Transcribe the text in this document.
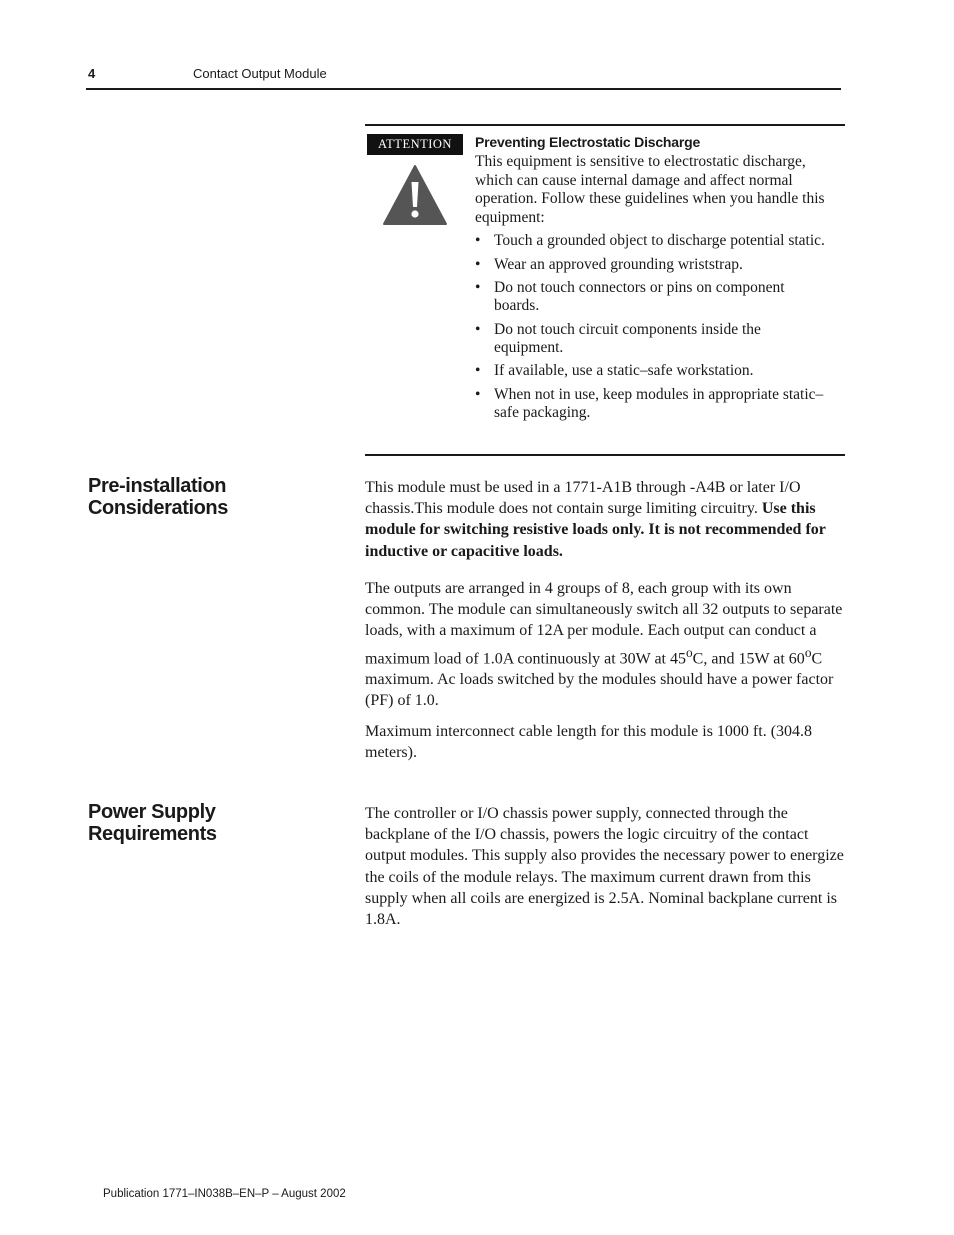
4	Contact Output Module
ATTENTION	Preventing Electrostatic Discharge

This equipment is sensitive to electrostatic discharge, which can cause internal damage and affect normal operation. Follow these guidelines when you handle this equipment:

• Touch a grounded object to discharge potential static.
• Wear an approved grounding wriststrap.
• Do not touch connectors or pins on component boards.
• Do not touch circuit components inside the equipment.
• If available, use a static–safe workstation.
• When not in use, keep modules in appropriate static–safe packaging.
Pre-installation
Considerations

This module must be used in a 1771-A1B through -A4B or later I/O chassis.This module does not contain surge limiting circuitry. Use this module for switching resistive loads only. It is not recommended for inductive or capacitive loads.

The outputs are arranged in 4 groups of 8, each group with its own common. The module can simultaneously switch all 32 outputs to separate loads, with a maximum of 12A per module. Each output can conduct a maximum load of 1.0A continuously at 30W at 45$^o$C, and 15W at 60$^o$C maximum. Ac loads switched by the modules should have a power factor (PF) of 1.0.

Maximum interconnect cable length for this module is 1000 ft. (304.8 meters).

Power Supply
Requirements

The controller or I/O chassis power supply, connected through the backplane of the I/O chassis, powers the logic circuitry of the contact output modules. This supply also provides the necessary power to energize the coils of the module relays. The maximum current drawn from this supply when all coils are energized is 2.5A. Nominal backplane current is 1.8A.

Publication 1771–IN038B–EN–P – August 2002
